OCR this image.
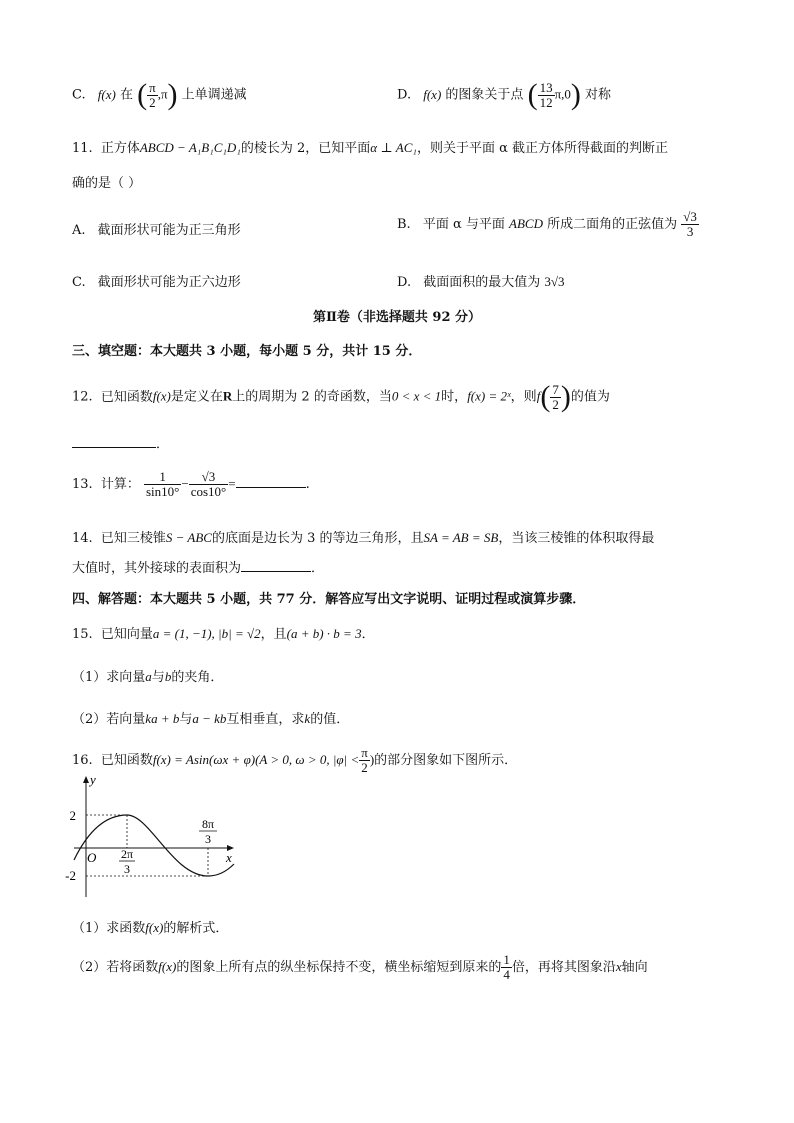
C. f(x) 在 ( $\frac{\pi}{2} ,\pi$) 上单调递减	D. f(x) 的图象关于点 ( $\frac{13}{12} \pi,0$) 对称
11. 正方体ABCD − A₁B₁C₁D₁的棱长为 2，已知平面α ⊥ AC₁，则关于平面 α 截正方体所得截面的判断正
确的是（ ）
A. 截面形状可能为正三角形	B. 平面 α 与平面 ABCD 所成二面角的正弦值为 $\frac{√3}{3}$
C. 截面形状可能为正六边形	D. 截面面积的最大值为 3√3
第Ⅱ卷（非选择题共 92 分）
三、填空题：本大题共 3 小题，每小题 5 分，共计 15 分．
12. 已知函数f(x)是定义在R上的周期为 2 的奇函数，当0 < x < 1时，f(x) = 2ˣ，则$f( \frac{7}{2}$ )的值为
．
13. 计算： $\frac{1}{\sin 10^\circ} - \frac{√3}{\cos 10^\circ}$ =	.
14. 已知三棱锥S − ABC的底面是边长为 3 的等边三角形，且SA = AB = SB，当该三棱锥的体积取得最
大值时，其外接球的表面积为	．
四、解答题：本大题共 5 小题，共 77 分．解答应写出文字说明、证明过程或演算步骤．
15. 已知向量a = (1, −1), |b| = √2，且(a + b) · b = 3．
（1）求向量a与b的夹角．
（2）若向量ka + b与a − kb互相垂直，求k的值．
16. 已知函数f(x) = Asin(ωx + φ)(A > 0, ω > 0, $|\varphi| < \frac{\pi}{2}$ )的部分图象如下图所示．
y
x
O
2
-2
2π
3
8π
3
（1）求函数f(x)的解析式．
（2）若将函数f(x)的图象上所有点的纵坐标保持不变，横坐标缩短到原来的 $\frac{1}{4}$ 倍，再将其图象沿x轴向
